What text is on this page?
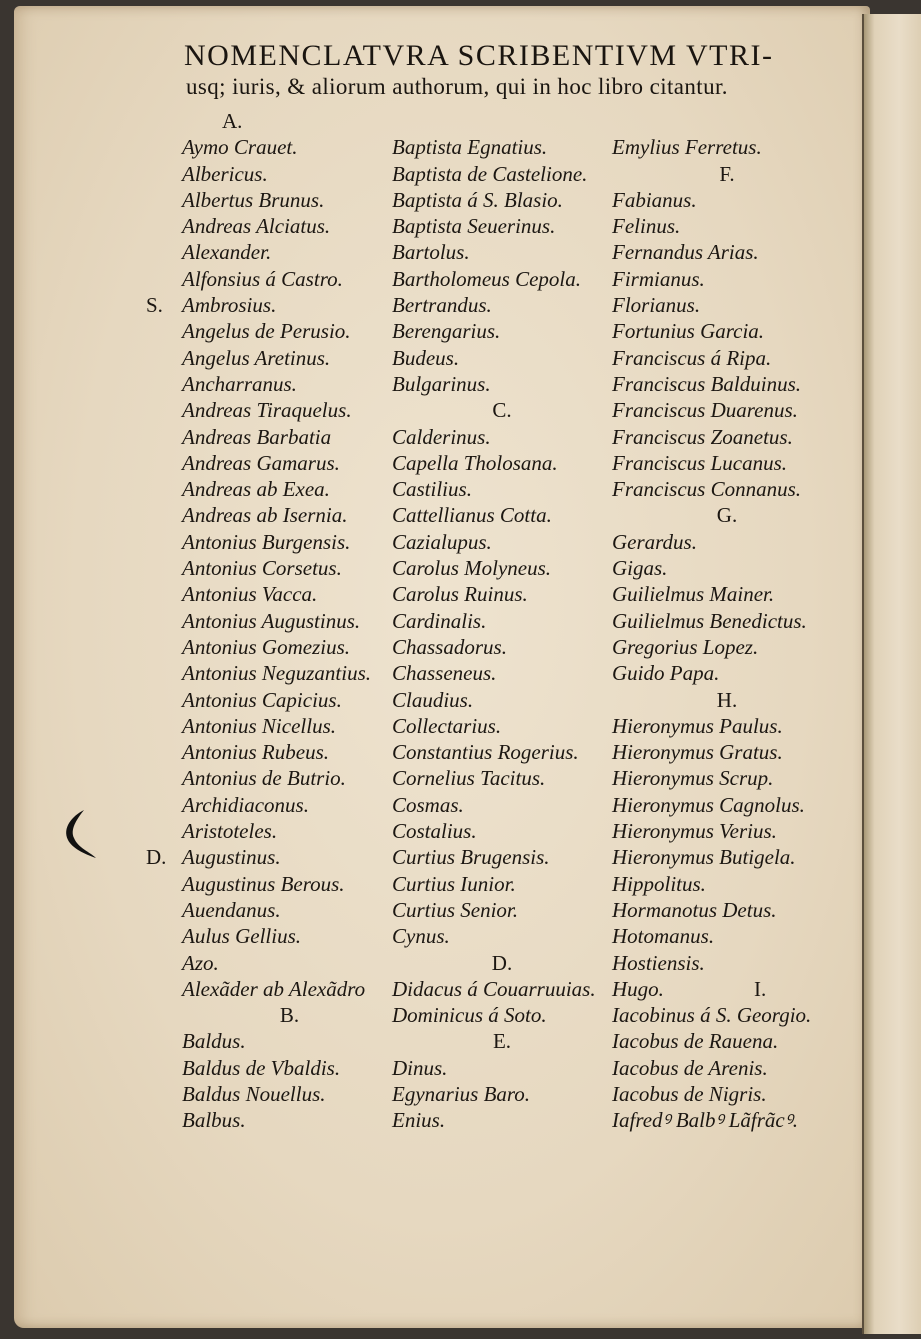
NOMENCLATVRA SCRIBENTIVM VTRI-
usq; iuris, & aliorum authorum, qui in hoc libro citantur.
A.
Aymo Crauet.
Albericus.
Albertus Brunus.
Andreas Alciatus.
Alexander.
Alfonsius á Castro.
Ambrosius.
S.
Angelus de Perusio.
Angelus Aretinus.
Ancharranus.
Andreas Tiraquelus.
Andreas Barbatia
Andreas Gamarus.
Andreas ab Exea.
Andreas ab Isernia.
Antonius Burgensis.
Antonius Corsetus.
Antonius Vacca.
Antonius Augustinus.
Antonius Gomezius.
Antonius Neguzantius.
Antonius Capicius.
Antonius Nicellus.
Antonius Rubeus.
Antonius de Butrio.
Archidiaconus.
Aristoteles.
Augustinus.
D.
Augustinus Berous.
Auendanus.
Aulus Gellius.
Azo.
Alexãder ab Alexãdro
B.
Baldus.
Baldus de Vbaldis.
Baldus Nouellus.
Balbus.
Baptista Egnatius.
Baptista de Castelione.
Baptista á S. Blasio.
Baptista Seuerinus.
Bartolus.
Bartholomeus Cepola.
Bertrandus.
Berengarius.
Budeus.
Bulgarinus.
C.
Calderinus.
Capella Tholosana.
Castilius.
Cattellianus Cotta.
Cazialupus.
Carolus Molyneus.
Carolus Ruinus.
Cardinalis.
Chassadorus.
Chasseneus.
Claudius.
Collectarius.
Constantius Rogerius.
Cornelius Tacitus.
Cosmas.
Costalius.
Curtius Brugensis.
Curtius Iunior.
Curtius Senior.
Cynus.
D.
Didacus á Couarruuias.
Dominicus á Soto.
E.
Dinus.
Egynarius Baro.
Enius.
Emylius Ferretus.
F.
Fabianus.
Felinus.
Fernandus Arias.
Firmianus.
Florianus.
Fortunius Garcia.
Franciscus á Ripa.
Franciscus Balduinus.
Franciscus Duarenus.
Franciscus Zoanetus.
Franciscus Lucanus.
Franciscus Connanus.
G.
Gerardus.
Gigas.
Guilielmus Mainer.
Guilielmus Benedictus.
Gregorius Lopez.
Guido Papa.
H.
Hieronymus Paulus.
Hieronymus Gratus.
Hieronymus Scrup.
Hieronymus Cagnolus.
Hieronymus Verius.
Hieronymus Butigela.
Hippolitus.
Hormanotus Detus.
Hotomanus.
Hostiensis.
Hugo.	I.
Iacobinus á S. Georgio.
Iacobus de Rauena.
Iacobus de Arenis.
Iacobus de Nigris.
Iafredꝰ Balbꝰ Lãfrãcꝰ.
